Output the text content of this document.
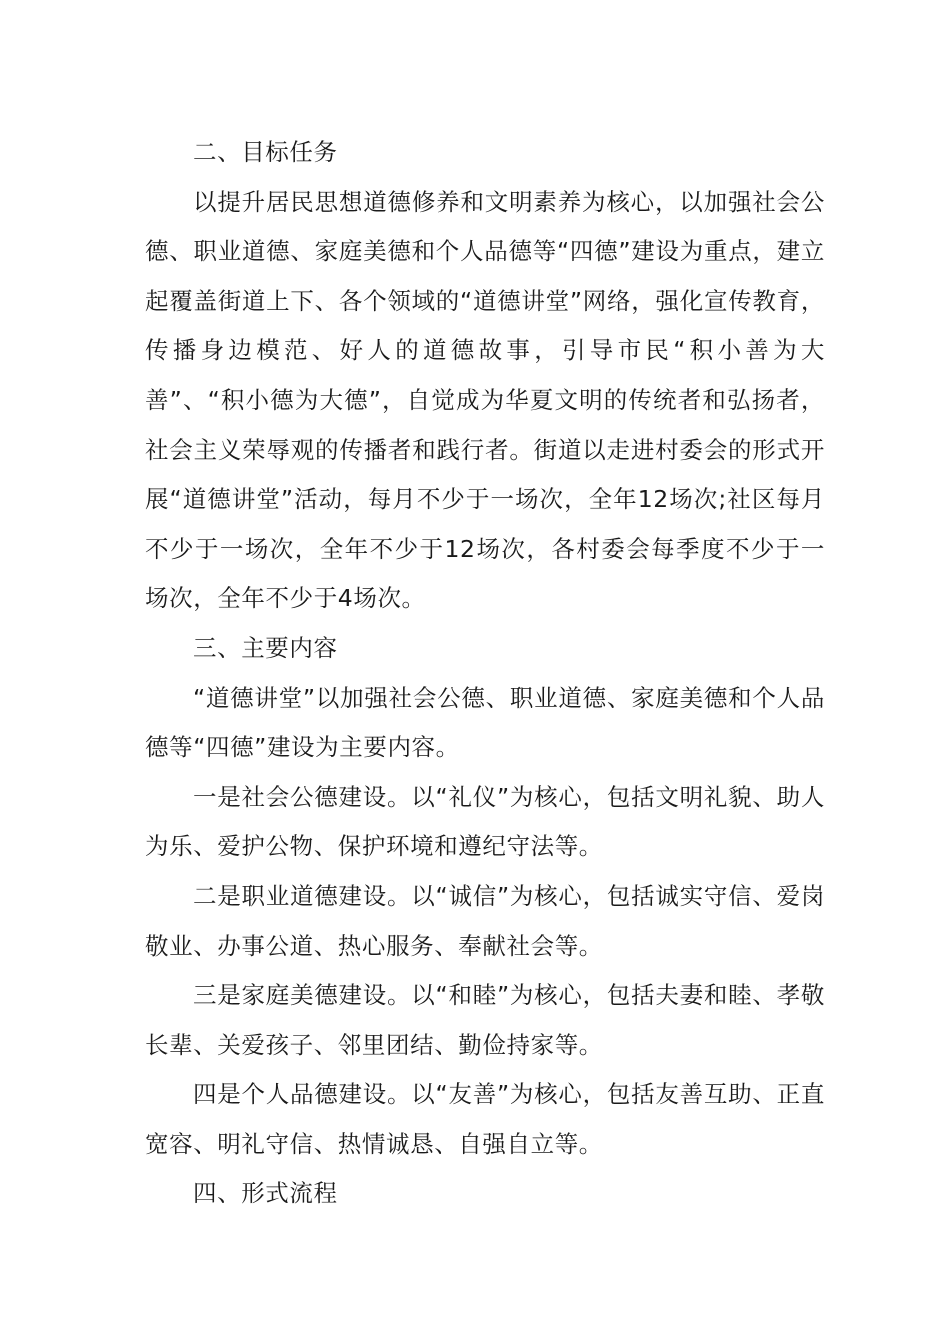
二、目标任务

以提升居民思想道德修养和文明素养为核心，以加强社会公德、职业道德、家庭美德和个人品德等“四德”建设为重点，建立起覆盖街道上下、各个领域的“道德讲堂”网络，强化宣传教育，传播身边模范、好人的道德故事，引导市民“积小善为大善”、“积小德为大德”，自觉成为华夏文明的传统者和弘扬者，社会主义荣辱观的传播者和践行者。街道以走进村委会的形式开展“道德讲堂”活动，每月不少于一场次，全年12场次;社区每月不少于一场次，全年不少于12场次，各村委会每季度不少于一场次，全年不少于4场次。

三、主要内容

“道德讲堂”以加强社会公德、职业道德、家庭美德和个人品德等“四德”建设为主要内容。

一是社会公德建设。以“礼仪”为核心，包括文明礼貌、助人为乐、爱护公物、保护环境和遵纪守法等。

二是职业道德建设。以“诚信”为核心，包括诚实守信、爱岗敬业、办事公道、热心服务、奉献社会等。

三是家庭美德建设。以“和睦”为核心，包括夫妻和睦、孝敬长辈、关爱孩子、邻里团结、勤俭持家等。

四是个人品德建设。以“友善”为核心，包括友善互助、正直宽容、明礼守信、热情诚恳、自强自立等。

四、形式流程
